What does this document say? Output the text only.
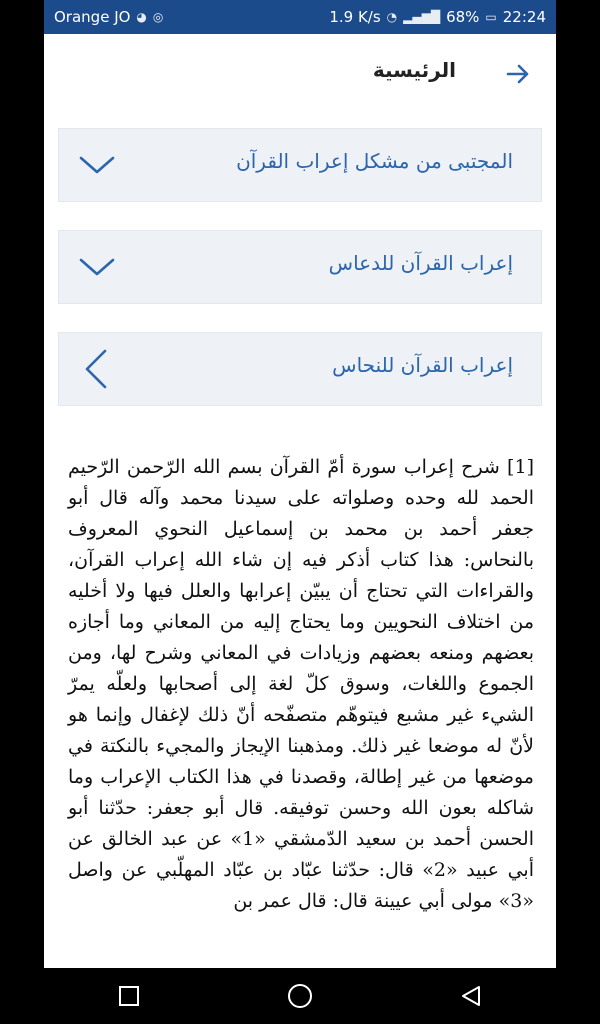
Orange JO ◕ ◎	1.9 K/s ◔ ▂▄▆█ 68% ▭ 22:24
الرئيسية
المجتبى من مشكل إعراب القرآن
إعراب القرآن للدعاس
إعراب القرآن للنحاس
[1] شرح إعراب سورة أمّ القرآن بسم الله الرّحمن الرّحيم الحمد لله وحده وصلواته على سيدنا محمد وآله قال أبو جعفر أحمد بن محمد بن إسماعيل النحوي المعروف بالنحاس: هذا كتاب أذكر فيه إن شاء الله إعراب القرآن، والقراءات التي تحتاج أن يبيّن إعرابها والعلل فيها ولا أخليه من اختلاف النحويين وما يحتاج إليه من المعاني وما أجازه بعضهم ومنعه بعضهم وزيادات في المعاني وشرح لها، ومن الجموع واللغات، وسوق كلّ لغة إلى أصحابها ولعلّه يمرّ الشيء غير مشبع فيتوهّم متصفّحه أنّ ذلك لإغفال وإنما هو لأنّ له موضعا غير ذلك. ومذهبنا الإيجاز والمجيء بالنكتة في موضعها من غير إطالة، وقصدنا في هذا الكتاب الإعراب وما شاكله بعون الله وحسن توفيقه. قال أبو جعفر: حدّثنا أبو الحسن أحمد بن سعيد الدّمشقي «1» عن عبد الخالق عن أبي عبيد «2» قال: حدّثنا عبّاد بن عبّاد المهلّبي عن واصل «3» مولى أبي عيينة قال: قال عمر بن
